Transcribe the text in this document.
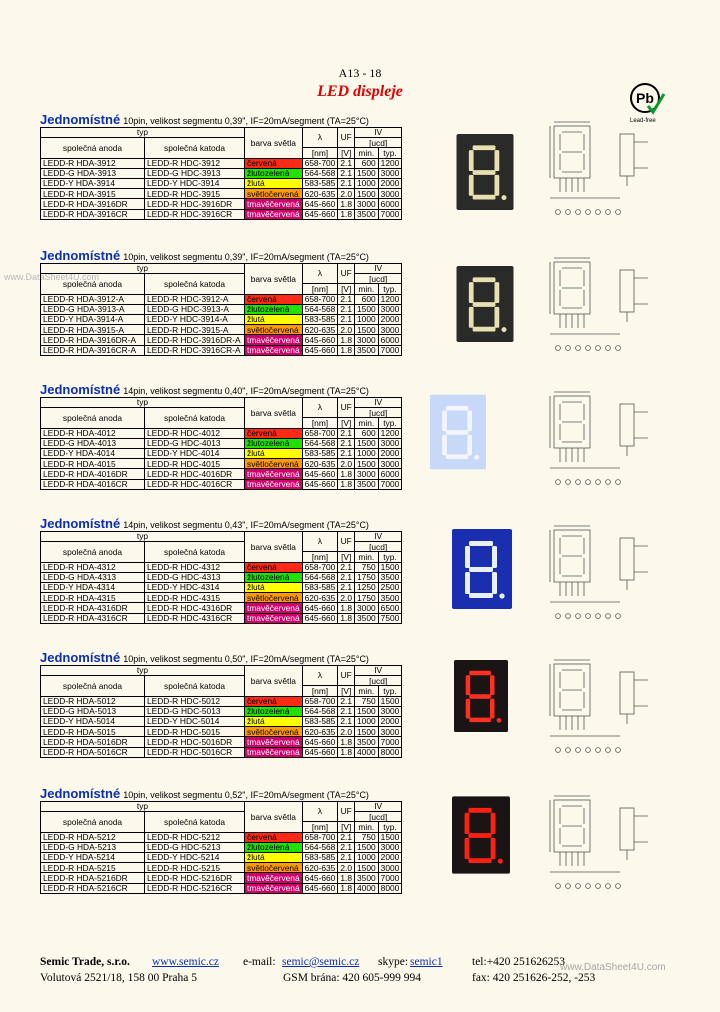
A13 - 18
LED displeje	Pb
Lead-free
www.DataSheet4U.com
Jednomístné 10pin, velikost segmentu 0,39", IF=20mA/segment (TA=25°C)
typ		barva světla	λ	UF	IV	
společná anoda	společná katoda				[ucd]	
			[nm]	[V]	min.	typ.
LEDD-R HDA-3912	LEDD-R HDC-3912	červená	658-700	2.1	600	1200
LEDD-G HDA-3913	LEDD-G HDC-3913	žlutozelená	564-568	2.1	1500	3000
LEDD-Y HDA-3914	LEDD-Y HDC-3914	žlutá	583-585	2.1	1000	2000
LEDD-R HDA-3915	LEDD-R HDC-3915	světločervená	620-635	2.0	1500	3000
LEDD-R HDA-3916DR	LEDD-R HDC-3916DR	tmavěčervená	645-660	1.8	3000	6000
LEDD-R HDA-3916CR	LEDD-R HDC-3916CR	tmavěčervená	645-660	1.8	3500	7000
Jednomístné 10pin, velikost segmentu 0,39", IF=20mA/segment (TA=25°C)
typ		barva světla	λ	UF	IV	
společná anoda	společná katoda				[ucd]	
			[nm]	[V]	min.	typ.
LEDD-R HDA-3912-A	LEDD-R HDC-3912-A	červená	658-700	2.1	600	1200
LEDD-G HDA-3913-A	LEDD-G HDC-3913-A	žlutozelená	564-568	2.1	1500	3000
LEDD-Y HDA-3914-A	LEDD-Y HDC-3914-A	žlutá	583-585	2.1	1000	2000
LEDD-R HDA-3915-A	LEDD-R HDC-3915-A	světločervená	620-635	2.0	1500	3000
LEDD-R HDA-3916DR-A	LEDD-R HDC-3916DR-A	tmavěčervená	645-660	1.8	3000	6000
LEDD-R HDA-3916CR-A	LEDD-R HDC-3916CR-A	tmavěčervená	645-660	1.8	3500	7000
Jednomístné 14pin, velikost segmentu 0,40", IF=20mA/segment (TA=25°C)
typ		barva světla	λ	UF	IV	
společná anoda	společná katoda				[ucd]	
			[nm]	[V]	min.	typ.
LEDD-R HDA-4012	LEDD-R HDC-4012	červená	658-700	2.1	600	1200
LEDD-G HDA-4013	LEDD-G HDC-4013	žlutozelená	564-568	2.1	1500	3000
LEDD-Y HDA-4014	LEDD-Y HDC-4014	žlutá	583-585	2.1	1000	2000
LEDD-R HDA-4015	LEDD-R HDC-4015	světločervená	620-635	2.0	1500	3000
LEDD-R HDA-4016DR	LEDD-R HDC-4016DR	tmavěčervená	645-660	1.8	3000	6000
LEDD-R HDA-4016CR	LEDD-R HDC-4016CR	tmavěčervená	645-660	1.8	3500	7000
Jednomístné 14pin, velikost segmentu 0,43", IF=20mA/segment (TA=25°C)
typ		barva světla	λ	UF	IV	
společná anoda	společná katoda				[ucd]	
			[nm]	[V]	min.	typ.
LEDD-R HDA-4312	LEDD-R HDC-4312	červená	658-700	2.1	750	1500
LEDD-G HDA-4313	LEDD-G HDC-4313	žlutozelená	564-568	2.1	1750	3500
LEDD-Y HDA-4314	LEDD-Y HDC-4314	žlutá	583-585	2.1	1250	2500
LEDD-R HDA-4315	LEDD-R HDC-4315	světločervená	620-635	2.0	1750	3500
LEDD-R HDA-4316DR	LEDD-R HDC-4316DR	tmavěčervená	645-660	1.8	3000	6500
LEDD-R HDA-4316CR	LEDD-R HDC-4316CR	tmavěčervená	645-660	1.8	3500	7500
Jednomístné 10pin, velikost segmentu 0,50", IF=20mA/segment (TA=25°C)
typ		barva světla	λ	UF	IV	
společná anoda	společná katoda				[ucd]	
			[nm]	[V]	min.	typ.
LEDD-R HDA-5012	LEDD-R HDC-5012	červená	658-700	2.1	750	1500
LEDD-G HDA-5013	LEDD-G HDC-5013	žlutozelená	564-568	2.1	1500	3000
LEDD-Y HDA-5014	LEDD-Y HDC-5014	žlutá	583-585	2.1	1000	2000
LEDD-R HDA-5015	LEDD-R HDC-5015	světločervená	620-635	2.0	1500	3000
LEDD-R HDA-5016DR	LEDD-R HDC-5016DR	tmavěčervená	645-660	1.8	3500	7000
LEDD-R HDA-5016CR	LEDD-R HDC-5016CR	tmavěčervená	645-660	1.8	4000	8000
Jednomístné 10pin, velikost segmentu 0,52", IF=20mA/segment (TA=25°C)
typ		barva světla	λ	UF	IV	
společná anoda	společná katoda				[ucd]	
			[nm]	[V]	min.	typ.
LEDD-R HDA-5212	LEDD-R HDC-5212	červená	658-700	2.1	750	1500
LEDD-G HDA-5213	LEDD-G HDC-5213	žlutozelená	564-568	2.1	1500	3000
LEDD-Y HDA-5214	LEDD-Y HDC-5214	žlutá	583-585	2.1	1000	2000
LEDD-R HDA-5215	LEDD-R HDC-5215	světločervená	620-635	2.0	1500	3000
LEDD-R HDA-5216DR	LEDD-R HDC-5216DR	tmavěčervená	645-660	1.8	3500	7000
LEDD-R HDA-5216CR	LEDD-R HDC-5216CR	tmavěčervená	645-660	1.8	4000	8000
Semic Trade, s.r.o. www.semic.cz e-mail: semic@semic.cz skype: semic1	tel:+420 251626253
Volutová 2521/18, 158 00 Praha 5	GSM brána: 420 605-999 994	fax: 420 251626-252, -253
www.DataSheet4U.com
